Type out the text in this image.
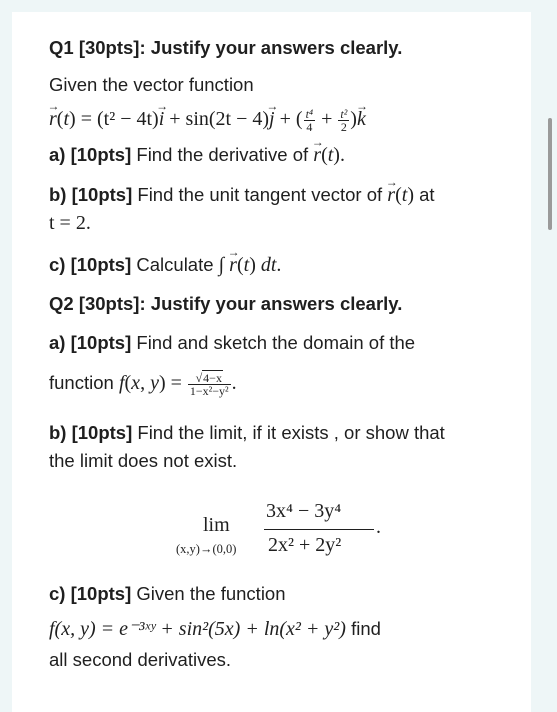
Q1 [30pts]: Justify your answers clearly.
Given the vector function
→ r(t) = (t² − 4t)→ i + sin(2t − 4)→ j + ( $\frac{\text{t⁴}}{4} + \frac{\text{t²}}{2}$ )→ k
a) [10pts] Find the derivative of → r(t).
b) [10pts] Find the unit tangent vector of → r(t) at
t = 2.
c) [10pts] Calculate ∫ → r(t) dt.
Q2 [30pts]: Justify your answers clearly.
a) [10pts] Find and sketch the domain of the
function f(x, $y) = \frac{√4-x}{\text{1−x²−y²}}$ .
b) [10pts] Find the limit, if it exists , or show that
the limit does not exist.
3x⁴ − 3y⁴
2x² + 2y²
lim
(x,y)→(0,0)
.
c) [10pts] Given the function
f(x, y) = e⁻³ˣʸ + sin²(5x) + ln(x² + y²) find
all second derivatives.
